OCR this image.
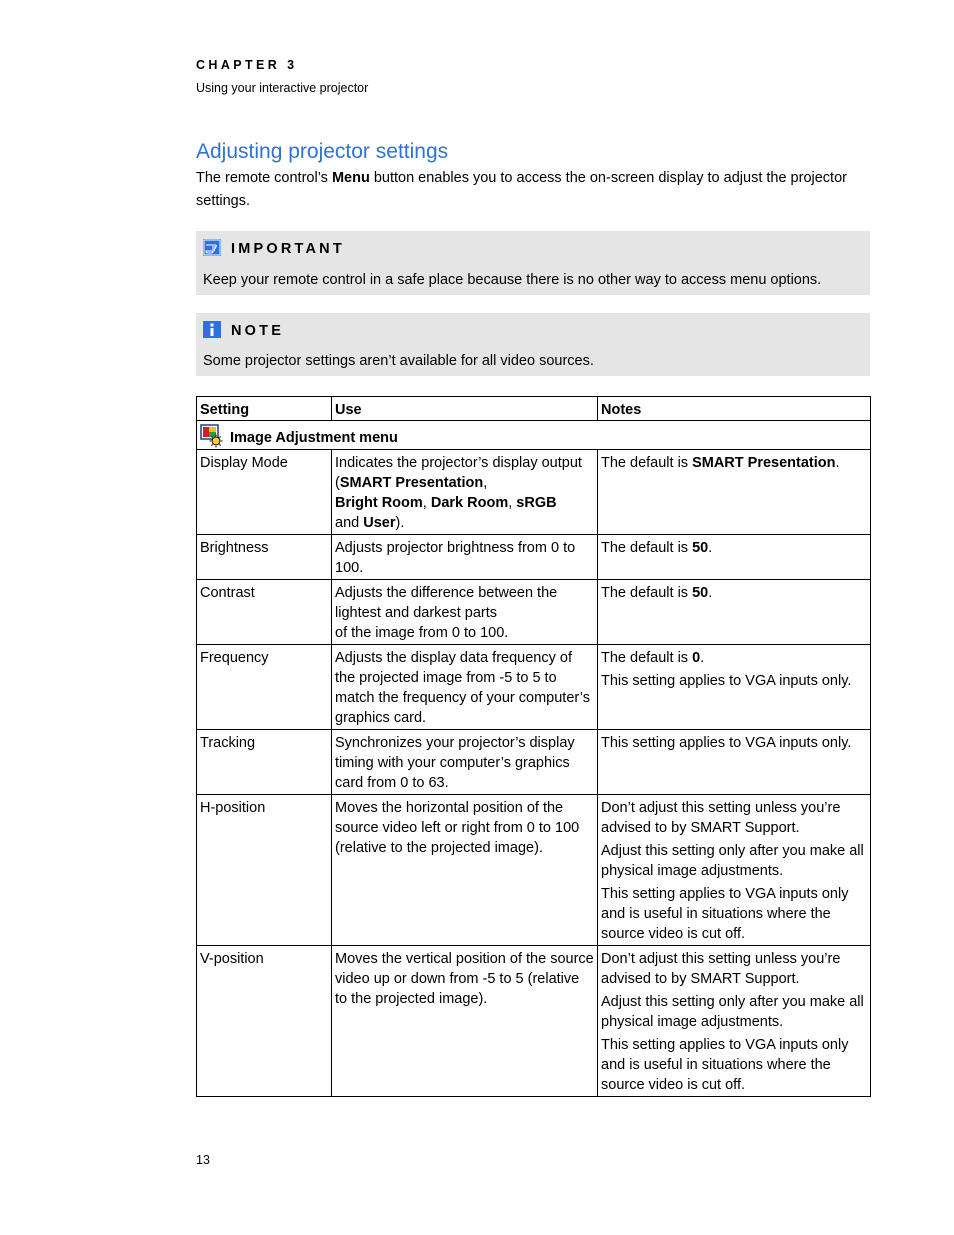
CHAPTER 3
Using your interactive projector
Adjusting projector settings

The remote control’s Menu button enables you to access the on-screen display to adjust the projector settings.

IMPORTANT
Keep your remote control in a safe place because there is no other way to access menu options.
NOTE
Some projector settings aren’t available for all video sources.
Setting	Use	Notes

Image Adjustment menu		

Display Mode	Indicates the projector’s display output (SMART Presentation,
Bright Room, Dark Room, sRGB
and User).	The default is SMART Presentation.
Brightness	Adjusts projector brightness from 0 to 100.	The default is 50.
Contrast	Adjusts the difference between the lightest and darkest parts
of the image from 0 to 100.	The default is 50.
Frequency	Adjusts the display data frequency of the projected image from -5 to 5 to match the frequency of your computer’s graphics card.	The default is 0.

This setting applies to VGA inputs only.

Tracking	Synchronizes your projector’s display timing with your computer’s graphics card from 0 to 63.	This setting applies to VGA inputs only.
H-position	Moves the horizontal position of the source video left or right from 0 to 100 (relative to the projected image).	Don’t adjust this setting unless you’re advised to by SMART Support.

Adjust this setting only after you make all physical image adjustments.

This setting applies to VGA inputs only and is useful in situations where the source video is cut off.

V-position	Moves the vertical position of the source video up or down from -5 to 5 (relative to the projected image).	Don’t adjust this setting unless you’re advised to by SMART Support.

Adjust this setting only after you make all physical image adjustments.

This setting applies to VGA inputs only and is useful in situations where the source video is cut off.

13
